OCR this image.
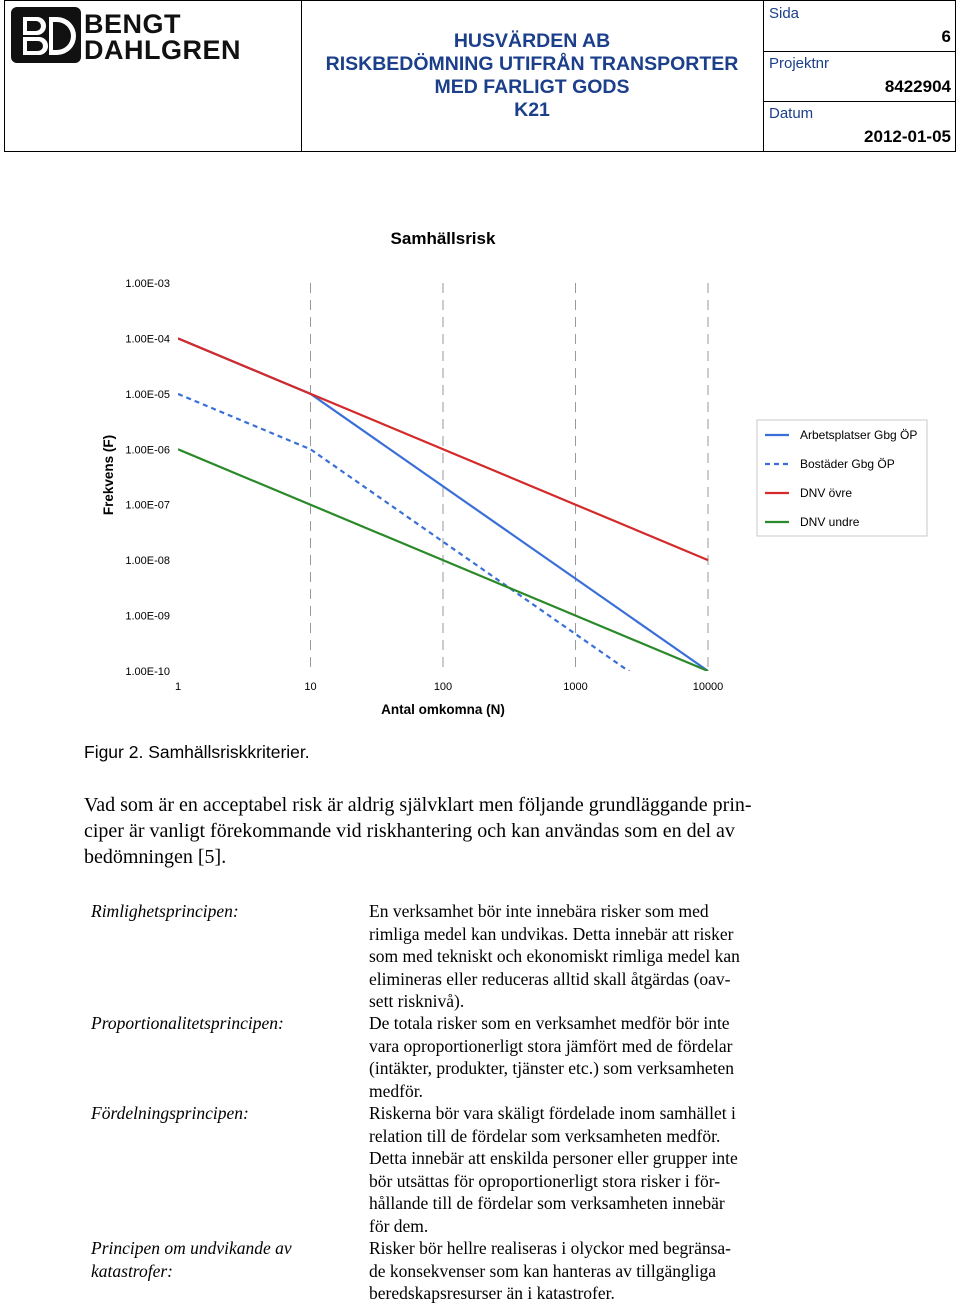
BENGT
DAHLGREN	HUSVÄRDEN AB
RISKBEDÖMNING UTIFRÅN TRANSPORTER
MED FARLIGT GODS
K21
Sida
6
Projektnr
8422904
Datum
2012-01-05
Samhällsrisk
1.00E-03
1.00E-04
1.00E-05
1.00E-06
1.00E-07
1.00E-08
1.00E-09
1.00E-10
1	10	100	1000	10000
Antal omkomna (N)
Frekvens (F)	Arbetsplatser Gbg ÖP
Bostäder Gbg ÖP
DNV övre
DNV undre
Figur 2. Samhällsriskkriterier.
Vad som är en acceptabel risk är aldrig självklart men följande grundläggande prin-
ciper är vanligt förekommande vid riskhantering och kan användas som en del av
bedömningen [5].
Rimlighetsprincipen:	En verksamhet bör inte innebära risker som med
rimliga medel kan undvikas. Detta innebär att risker
som med tekniskt och ekonomiskt rimliga medel kan
elimineras eller reduceras alltid skall åtgärdas (oav-
sett risknivå).
Proportionalitetsprincipen:	De totala risker som en verksamhet medför bör inte
vara oproportionerligt stora jämfört med de fördelar
(intäkter, produkter, tjänster etc.) som verksamheten
medför.
Fördelningsprincipen:	Riskerna bör vara skäligt fördelade inom samhället i
relation till de fördelar som verksamheten medför.
Detta innebär att enskilda personer eller grupper inte
bör utsättas för oproportionerligt stora risker i för-
hållande till de fördelar som verksamheten innebär
för dem.
Principen om undvikande av
katastrofer:
Risker bör hellre realiseras i olyckor med begränsa-
de konsekvenser som kan hanteras av tillgängliga
beredskapsresurser än i katastrofer.
